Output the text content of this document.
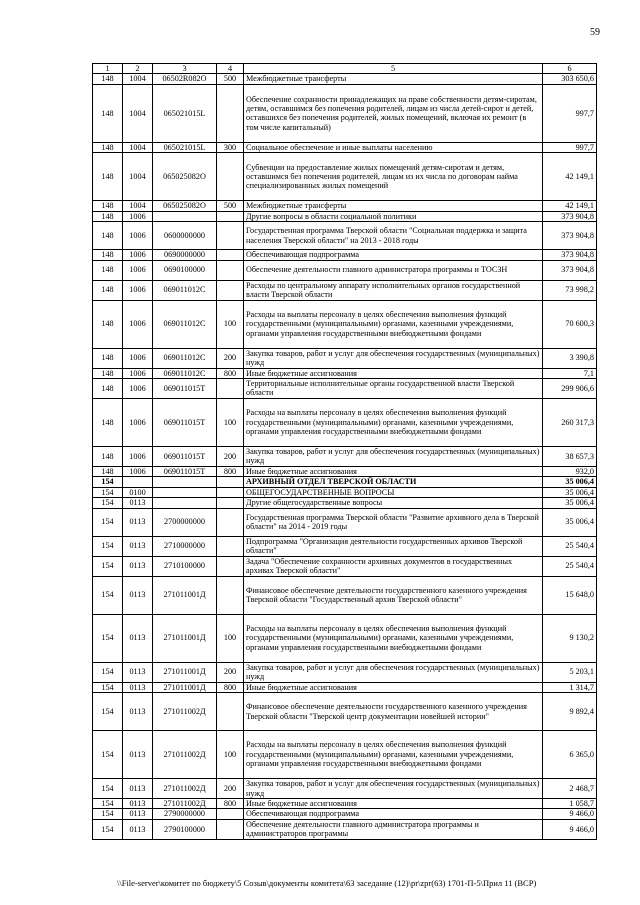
59
1	2	3	4	5	6
148	1004	06502R082О	500	Межбюджетные трансферты	303 650,6
148	1004	065021015L		Обеспечение сохранности принадлежащих на праве собственности детям-сиротам, детям, оставшимся без попечения родителей, лицам из числа детей-сирот и детей, оставшихся без попечения родителей, жилых помещений, включая их ремонт (в том числе капитальный)	997,7
148	1004	065021015L	300	Социальное обеспечение и иные выплаты населению	997,7
148	1004	065025082О		Субвенции на предоставление жилых помещений детям-сиротам и детям, оставшимся без попечения родителей, лицам из их числа по договорам найма специализированных жилых помещений	42 149,1
148	1004	065025082О	500	Межбюджетные трансферты	42 149,1
148	1006			Другие вопросы в области социальной политики	373 904,8
148	1006	0600000000		Государственная программа Тверской области "Социальная поддержка и защита населения Тверской области" на 2013 - 2018 годы	373 904,8
148	1006	0690000000		Обеспечивающая подпрограмма	373 904,8
148	1006	0690100000		Обеспечение деятельности главного администратора программы и ТОСЗН	373 904,8
148	1006	069011012С		Расходы по центральному аппарату исполнительных органов государственной власти Тверской области	73 998,2
148	1006	069011012С	100	Расходы на выплаты персоналу в целях обеспечения выполнения функций государственными (муниципальными) органами, казенными учреждениями, органами управления государственными внебюджетными фондами	70 600,3
148	1006	069011012С	200	Закупка товаров, работ и услуг для обеспечения государственных (муниципальных) нужд	3 390,8
148	1006	069011012С	800	Иные бюджетные ассигнования	7,1
148	1006	069011015Т		Территориальные исполнительные органы государственной власти Тверской области	299 906,6
148	1006	069011015Т	100	Расходы на выплаты персоналу в целях обеспечения выполнения функций государственными (муниципальными) органами, казенными учреждениями, органами управления государственными внебюджетными фондами	260 317,3
148	1006	069011015Т	200	Закупка товаров, работ и услуг для обеспечения государственных (муниципальных) нужд	38 657,3
148	1006	069011015Т	800	Иные бюджетные ассигнования	932,0
154				АРХИВНЫЙ ОТДЕЛ ТВЕРСКОЙ ОБЛАСТИ	35 006,4
154	0100			ОБЩЕГОСУДАРСТВЕННЫЕ ВОПРОСЫ	35 006,4
154	0113			Другие общегосударственные вопросы	35 006,4
154	0113	2700000000		Государственная программа Тверской области "Развитие архивного дела в Тверской области" на 2014 - 2019 годы	35 006,4
154	0113	2710000000		Подпрограмма "Организация деятельности государственных архивов Тверской области"	25 540,4
154	0113	2710100000		Задача "Обеспечение сохранности архивных документов в государственных архивах Тверской области"	25 540,4
154	0113	271011001Д		Финансовое обеспечение деятельности государственного казенного учреждения Тверской области "Государственный архив Тверской области"	15 648,0
154	0113	271011001Д	100	Расходы на выплаты персоналу в целях обеспечения выполнения функций государственными (муниципальными) органами, казенными учреждениями, органами управления государственными внебюджетными фондами	9 130,2
154	0113	271011001Д	200	Закупка товаров, работ и услуг для обеспечения государственных (муниципальных) нужд	5 203,1
154	0113	271011001Д	800	Иные бюджетные ассигнования	1 314,7
154	0113	271011002Д		Финансовое обеспечение деятельности государственного казенного учреждения Тверской области "Тверской центр документации новейшей истории"	9 892,4
154	0113	271011002Д	100	Расходы на выплаты персоналу в целях обеспечения выполнения функций государственными (муниципальными) органами, казенными учреждениями, органами управления государственными внебюджетными фондами	6 365,0
154	0113	271011002Д	200	Закупка товаров, работ и услуг для обеспечения государственных (муниципальных) нужд	2 468,7
154	0113	271011002Д	800	Иные бюджетные ассигнования	1 058,7
154	0113	2790000000		Обеспечивающая подпрограмма	9 466,0
154	0113	2790100000		Обеспечение деятельности главного администратора программы и администраторов программы	9 466,0
\\File-server\комитет по бюджету\5 Созыв\документы комитета\63 заседание (12)\pr\zpr(63) 1701-П-5\Прил 11 (ВСР)
